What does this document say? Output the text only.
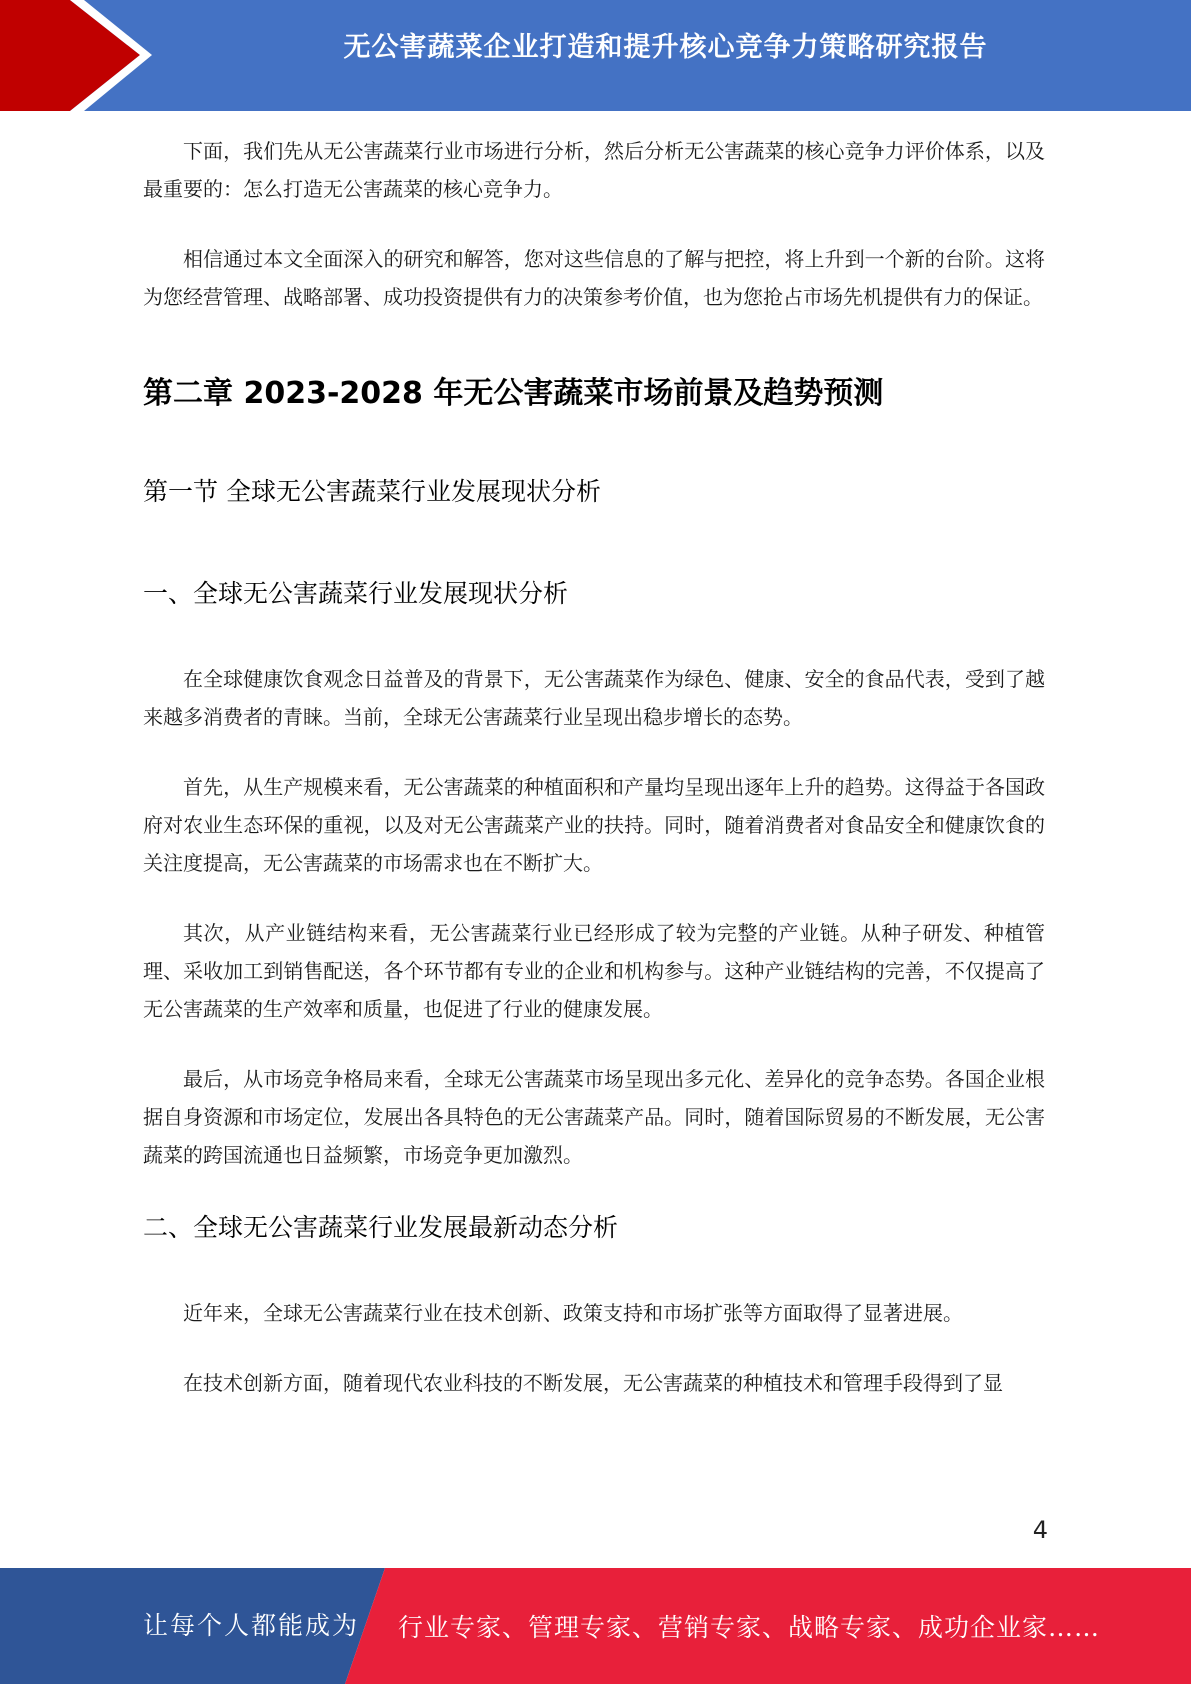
无公害蔬菜企业打造和提升核心竞争力策略研究报告

下面，我们先从无公害蔬菜行业市场进行分析，然后分析无公害蔬菜的核心竞争力评价体系，以及最重要的：怎么打造无公害蔬菜的核心竞争力。

相信通过本文全面深入的研究和解答，您对这些信息的了解与把控，将上升到一个新的台阶。这将为您经营管理、战略部署、成功投资提供有力的决策参考价值，也为您抢占市场先机提供有力的保证。

第二章 2023-2028 年无公害蔬菜市场前景及趋势预测
第一节 全球无公害蔬菜行业发展现状分析
一、全球无公害蔬菜行业发展现状分析

在全球健康饮食观念日益普及的背景下，无公害蔬菜作为绿色、健康、安全的食品代表，受到了越来越多消费者的青睐。当前，全球无公害蔬菜行业呈现出稳步增长的态势。

首先，从生产规模来看，无公害蔬菜的种植面积和产量均呈现出逐年上升的趋势。这得益于各国政府对农业生态环保的重视，以及对无公害蔬菜产业的扶持。同时，随着消费者对食品安全和健康饮食的关注度提高，无公害蔬菜的市场需求也在不断扩大。

其次，从产业链结构来看，无公害蔬菜行业已经形成了较为完整的产业链。从种子研发、种植管理、采收加工到销售配送，各个环节都有专业的企业和机构参与。这种产业链结构的完善，不仅提高了无公害蔬菜的生产效率和质量，也促进了行业的健康发展。

最后，从市场竞争格局来看，全球无公害蔬菜市场呈现出多元化、差异化的竞争态势。各国企业根据自身资源和市场定位，发展出各具特色的无公害蔬菜产品。同时，随着国际贸易的不断发展，无公害蔬菜的跨国流通也日益频繁，市场竞争更加激烈。

二、全球无公害蔬菜行业发展最新动态分析

近年来，全球无公害蔬菜行业在技术创新、政策支持和市场扩张等方面取得了显著进展。

在技术创新方面，随着现代农业科技的不断发展，无公害蔬菜的种植技术和管理手段得到了显

4
让每个人都能成为 行业专家、管理专家、营销专家、战略专家、成功企业家……
